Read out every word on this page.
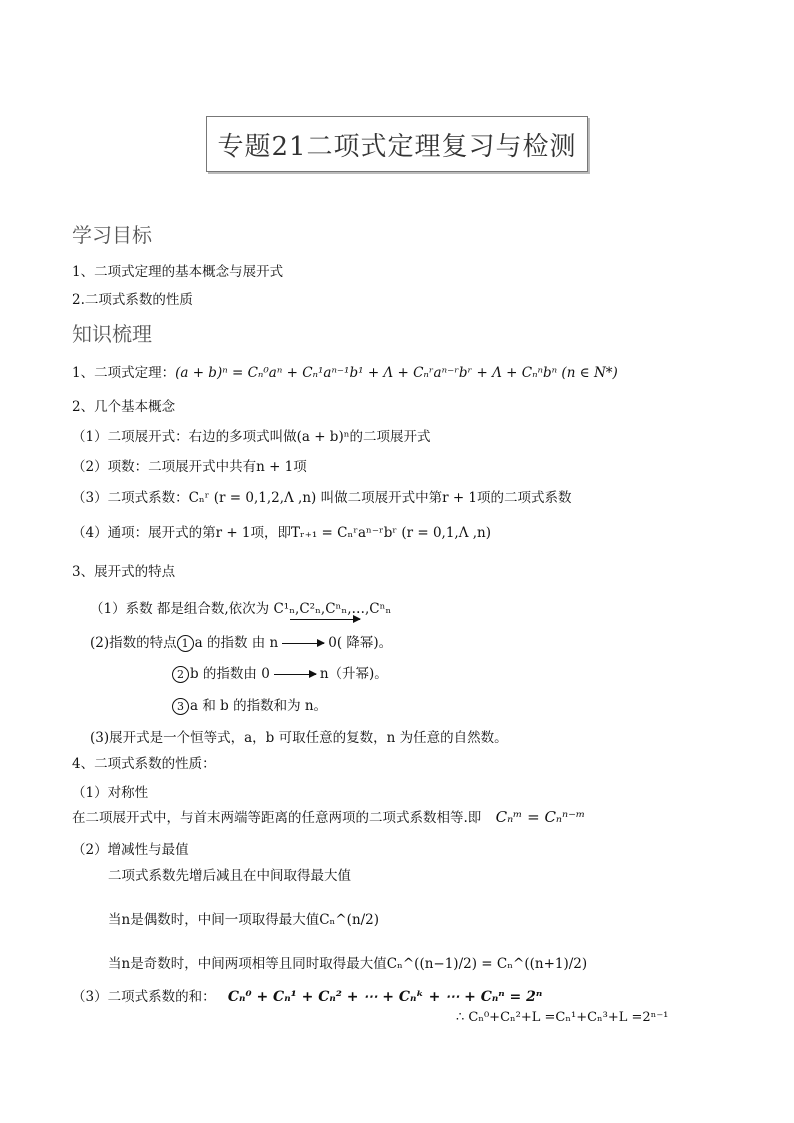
专题21二项式定理复习与检测
学习目标
1、二项式定理的基本概念与展开式
2.二项式系数的性质
知识梳理
1、二项式定理：(a + b)ⁿ = Cₙ⁰aⁿ + Cₙ¹aⁿ⁻¹b¹ + Λ + Cₙʳaⁿ⁻ʳbʳ + Λ + Cₙⁿbⁿ (n ∈ N*)
2、几个基本概念
（1）二项展开式：右边的多项式叫做(a + b)ⁿ的二项展开式
（2）项数：二项展开式中共有n + 1项
（3）二项式系数：Cₙʳ (r = 0,1,2,Λ ,n) 叫做二项展开式中第r + 1项的二项式系数
（4）通项：展开式的第r + 1项，即Tᵣ₊₁ = Cₙʳaⁿ⁻ʳbʳ (r = 0,1,Λ ,n)
3、展开式的特点
（1）系数 都是组合数,依次为 C¹ₙ,C²ₙ,Cⁿₙ,…,Cⁿₙ
(2)指数的特点 1 a 的指数 由 n	0( 降幂)。
2 b 的指数由 0	n（升幂)。
3 a 和 b 的指数和为 n。
(3)展开式是一个恒等式，a，b 可取任意的复数，n 为任意的自然数。
4、二项式系数的性质：
（1）对称性
在二项展开式中，与首末两端等距离的任意两项的二项式系数相等.即 Cₙᵐ = Cₙⁿ⁻ᵐ
（2）增减性与最值
二项式系数先增后减且在中间取得最大值
当n是偶数时，中间一项取得最大值Cₙ^(n/2)
当n是奇数时，中间两项相等且同时取得最大值Cₙ^((n−1)/2) = Cₙ^((n+1)/2)
（3）二项式系数的和： Cₙ⁰ + Cₙ¹ + Cₙ² + ⋯ + Cₙᵏ + ⋯ + Cₙⁿ = 2ⁿ
∴ Cₙ⁰+Cₙ²+L =Cₙ¹+Cₙ³+L =2ⁿ⁻¹
